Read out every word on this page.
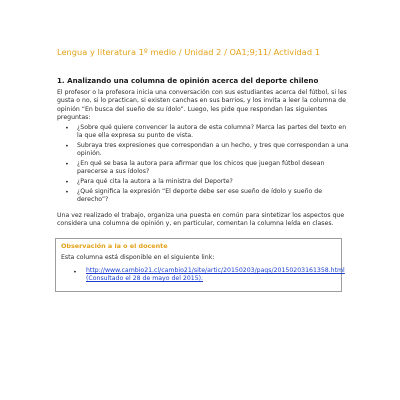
Lengua y literatura 1º medio / Unidad 2 / OA1;9;11/ Actividad 1
1. Analizando una columna de opinión acerca del deporte chileno
El profesor o la profesora inicia una conversación con sus estudiantes acerca del fútbol, si les gusta o no, si lo practican, si existen canchas en sus barrios, y los invita a leer la columna de opinión “En busca del sueño de su ídolo”. Luego, les pide que respondan las siguientes preguntas:
• ¿Sobre qué quiere convencer la autora de esta columna? Marca las partes del texto en la que ella expresa su punto de vista.
• Subraya tres expresiones que correspondan a un hecho, y tres que correspondan a una opinión.
• ¿En qué se basa la autora para afirmar que los chicos que juegan fútbol desean parecerse a sus ídolos?
• ¿Para qué cita la autora a la ministra del Deporte?
• ¿Qué significa la expresión “El deporte debe ser ese sueño de ídolo y sueño de derecho”?
Una vez realizado el trabajo, organiza una puesta en común para sintetizar los aspectos que considera una columna de opinión y, en particular, comentan la columna leída en clases.
Observación a la o el docente
Esta columna está disponible en el siguiente link:
• http://www.cambio21.cl/cambio21/site/artic/20150203/pags/20150203161358.html (Consultado el 28 de mayo del 2015).
